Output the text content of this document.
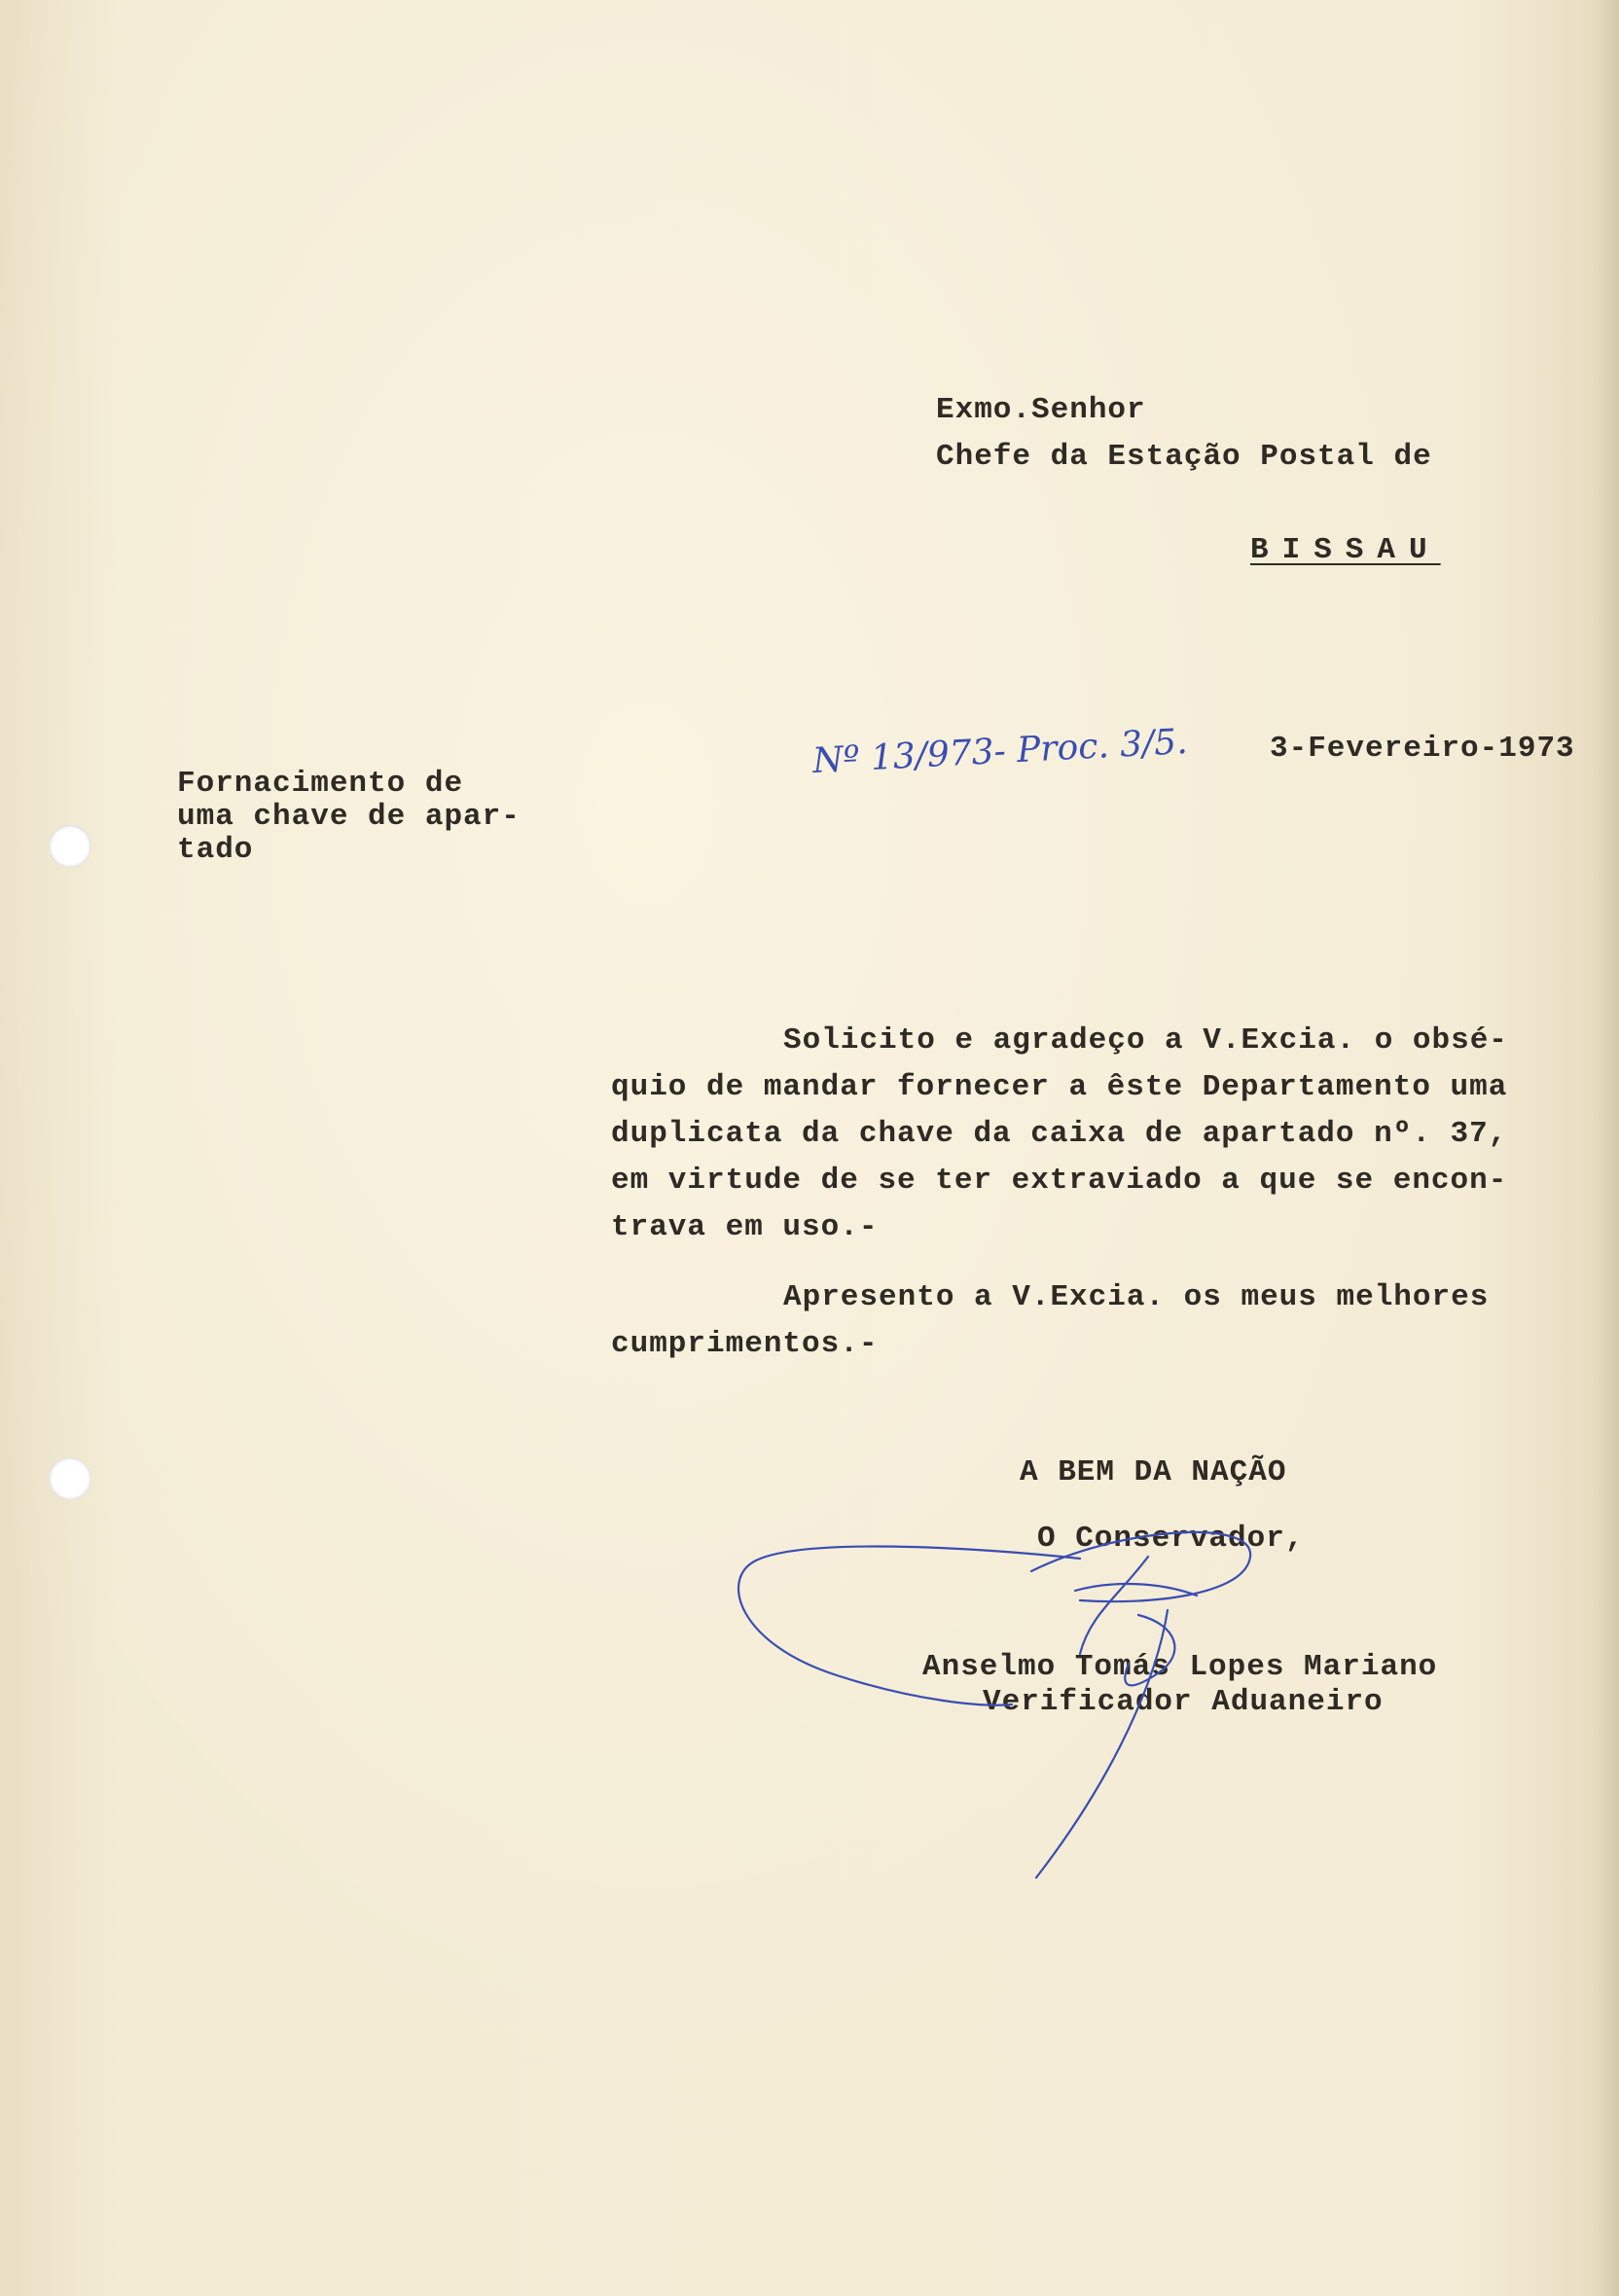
Exmo.Senhor
Chefe da Estação Postal de
BISSAU
Nº 13/973- Proc. 3/5.	3-Fevereiro-1973
Fornacimento de
uma chave de apar-
tado
Solicito e agradeço a V.Excia. o obsé-
quio de mandar fornecer a êste Departamento uma
duplicata da chave da caixa de apartado nº. 37,
em virtude de se ter extraviado a que se encon-
trava em uso.-
Apresento a V.Excia. os meus melhores
cumprimentos.-
A BEM DA NAÇÃO
O Conservador,
Anselmo Tomás Lopes Mariano
Verificador Aduaneiro
